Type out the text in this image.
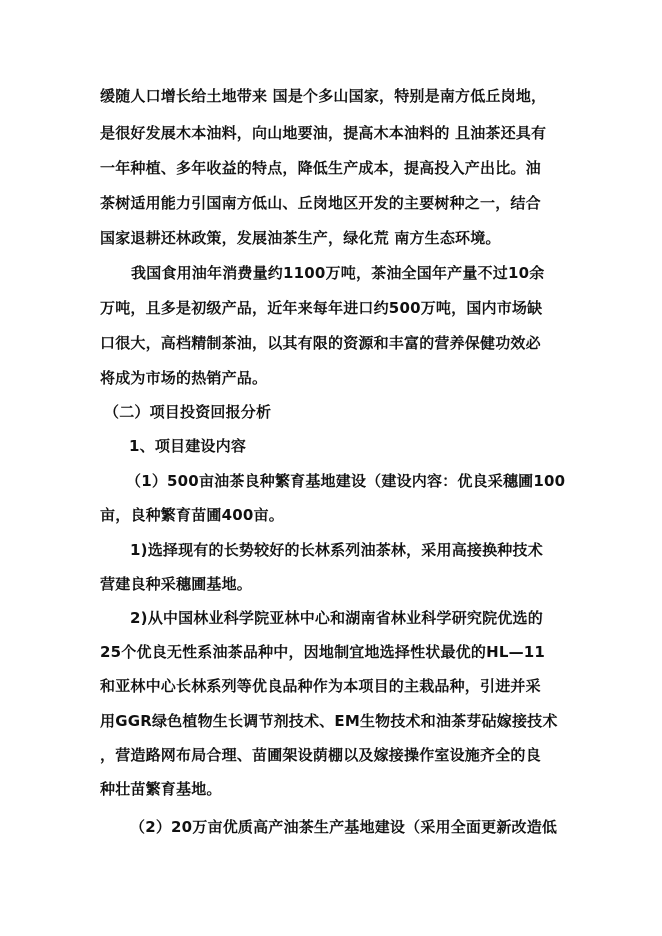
缓随人口增长给土地带来 国是个多山国家，特别是南方低丘岗地，
是很好发展木本油料，向山地要油，提高木本油料的 且油茶还具有
一年种植、多年收益的特点，降低生产成本，提高投入产出比。油
茶树适用能力引国南方低山、丘岗地区开发的主要树种之一，结合
国家退耕还林政策，发展油茶生产，绿化荒 南方生态环境。
我国食用油年消费量约1100万吨，茶油全国年产量不过10余
万吨，且多是初级产品，近年来每年进口约500万吨，国内市场缺
口很大，高档精制茶油，以其有限的资源和丰富的营养保健功效必
将成为市场的热销产品。
（二）项目投资回报分析
1、项目建设内容
（1）500亩油茶良种繁育基地建设（建设内容：优良采穗圃100
亩，良种繁育苗圃400亩。
1)选择现有的长势较好的长林系列油茶林，采用高接换种技术
营建良种采穗圃基地。
2)从中国林业科学院亚林中心和湖南省林业科学研究院优选的
25个优良无性系油茶品种中，因地制宜地选择性状最优的HL—11
和亚林中心长林系列等优良品种作为本项目的主栽品种，引进并采
用GGR绿色植物生长调节剂技术、EM生物技术和油茶芽砧嫁接技术
，营造路网布局合理、苗圃架设荫棚以及嫁接操作室设施齐全的良
种壮苗繁育基地。
（2）20万亩优质高产油茶生产基地建设（采用全面更新改造低
